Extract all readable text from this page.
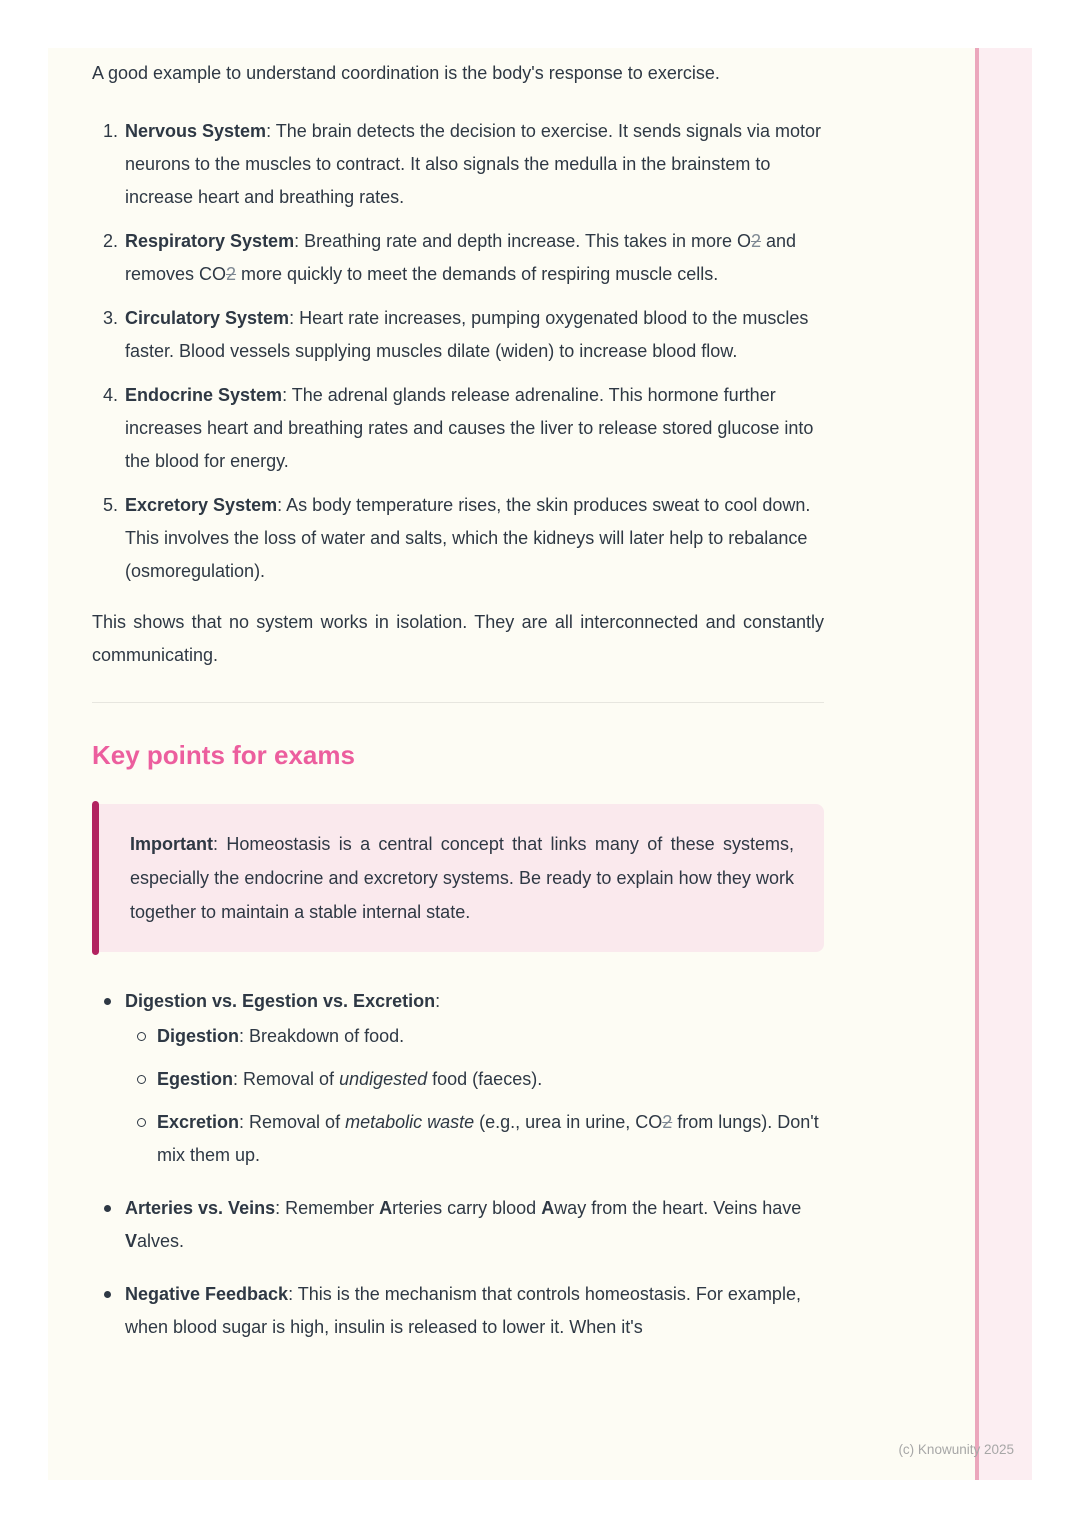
A good example to understand coordination is the body's response to exercise.

1. Nervous System: The brain detects the decision to exercise. It sends signals via motor neurons to the muscles to contract. It also signals the medulla in the brainstem to increase heart and breathing rates.
2. Respiratory System: Breathing rate and depth increase. This takes in more O2 and removes CO2 more quickly to meet the demands of respiring muscle cells.
3. Circulatory System: Heart rate increases, pumping oxygenated blood to the muscles faster. Blood vessels supplying muscles dilate (widen) to increase blood flow.
4. Endocrine System: The adrenal glands release adrenaline. This hormone further increases heart and breathing rates and causes the liver to release stored glucose into the blood for energy.
5. Excretory System: As body temperature rises, the skin produces sweat to cool down. This involves the loss of water and salts, which the kidneys will later help to rebalance (osmoregulation).

This shows that no system works in isolation. They are all interconnected and constantly communicating.

Key points for exams
Important: Homeostasis is a central concept that links many of these systems, especially the endocrine and excretory systems. Be ready to explain how they work together to maintain a stable internal state.
Digestion vs. Egestion vs. Excretion:
Digestion: Breakdown of food.
Egestion: Removal of undigested food (faeces).
Excretion: Removal of metabolic waste (e.g., urea in urine, CO2 from lungs). Don't mix them up.
Arteries vs. Veins: Remember Arteries carry blood Away from the heart. Veins have Valves.
Negative Feedback: This is the mechanism that controls homeostasis. For example, when blood sugar is high, insulin is released to lower it. When it's
(c) Knowunity 2025
